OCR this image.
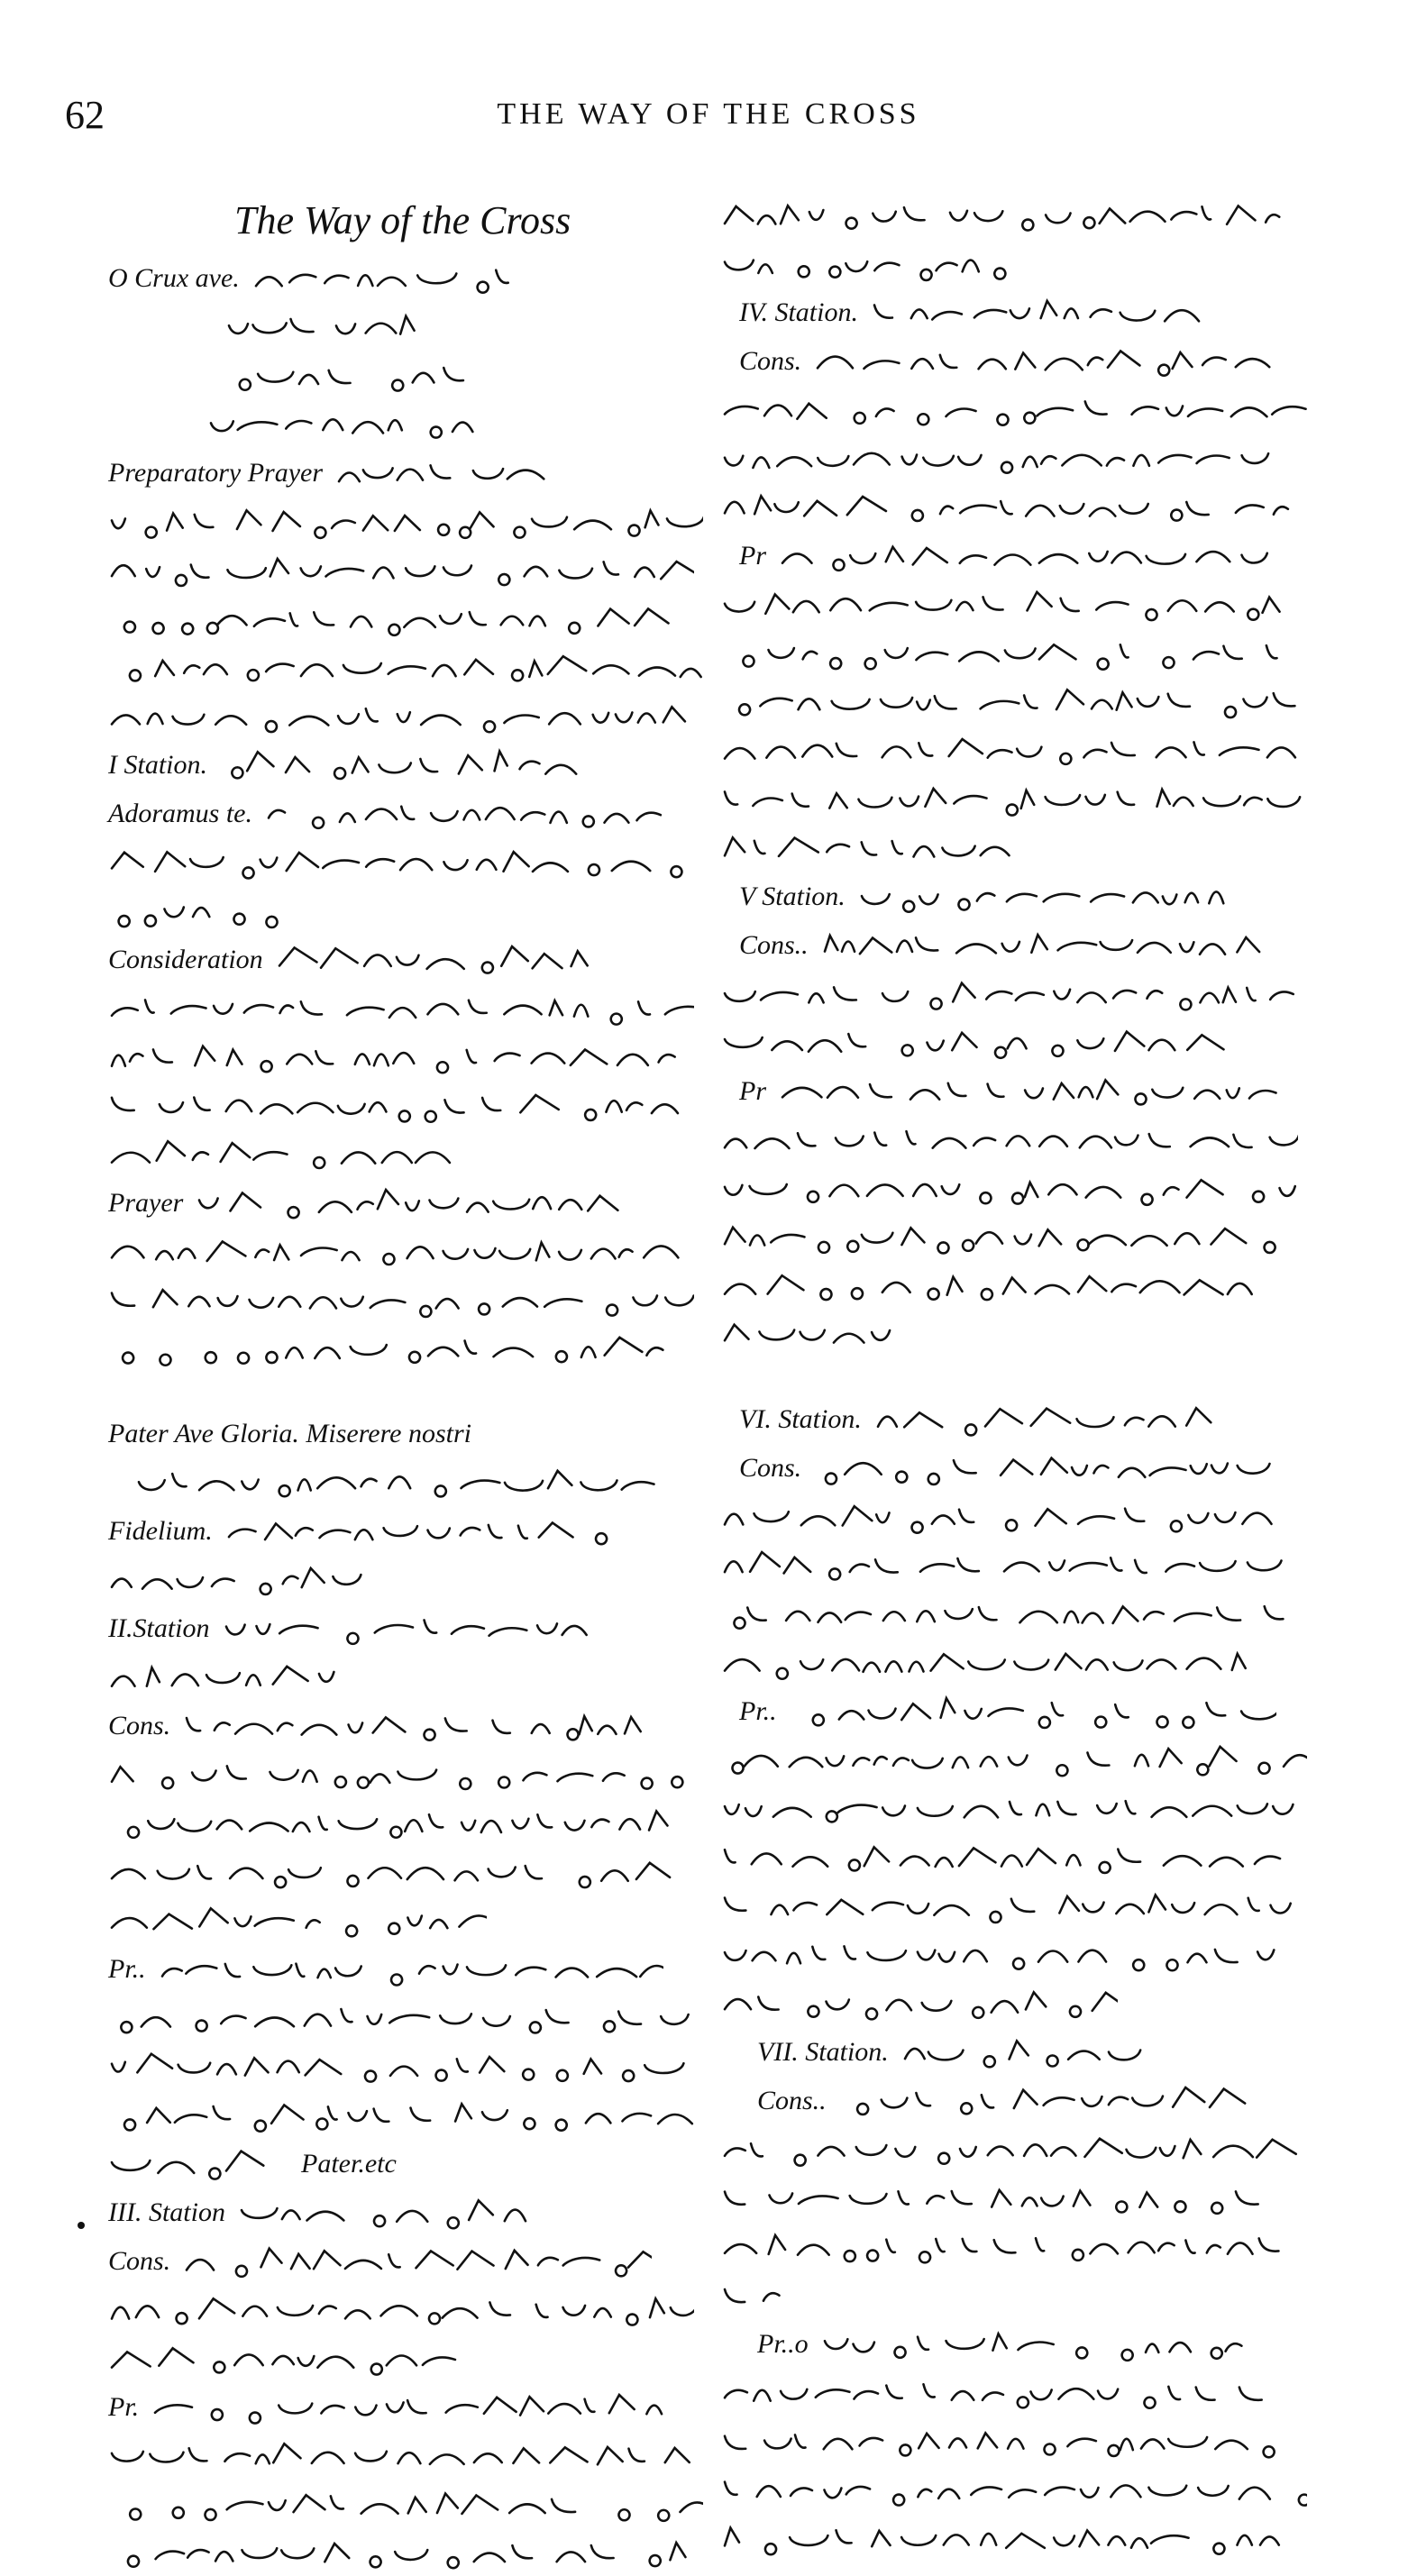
62	THE WAY OF THE CROSS
The Way of the Cross
O Crux ave.
Preparatory Prayer
I Station.
Adoramus te.
Consideration
Prayer
Pater Ave Gloria. Miserere nostri
Fidelium.
II.Station
Cons.
Pr..
Pater.etc
III. Station
Cons.
Pr.
IV. Station.
Cons.
Pr
V Station.
Cons..
Pr
VI. Station.
Cons.
Pr..
VII. Station.
Cons..
Pr..o
